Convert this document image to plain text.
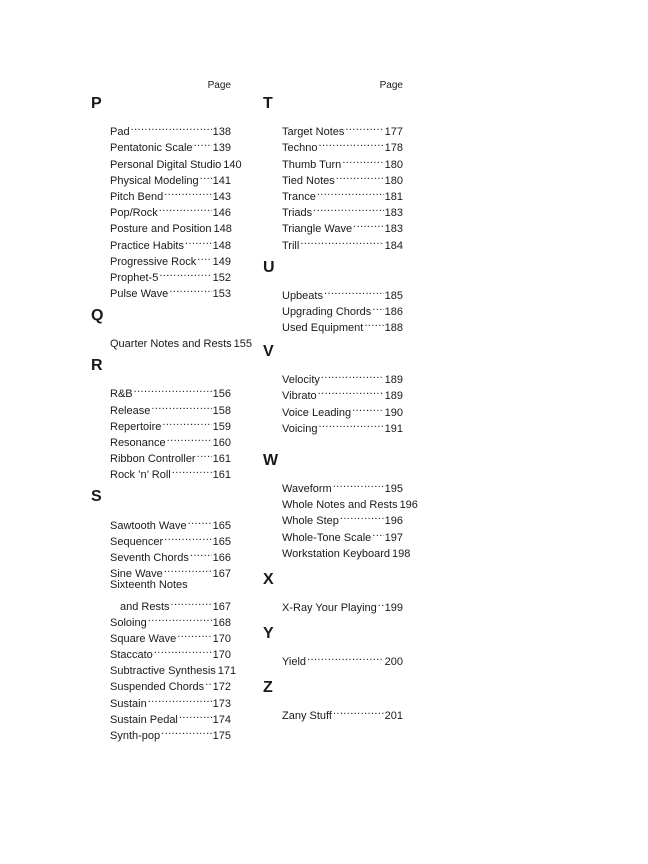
Page
P
Pad .....	138
Pentatonic Scale ..... 139
Personal Digital Studio 140
Physical Modeling ..... 141
Pitch Bend .....	143
Pop/Rock .....	146
Posture and Position 148
Practice Habits .....	148
Progressive Rock ..... 149
Prophet-5 .....	152
Pulse Wave .....	153
Q
Quarter Notes and Rests 155
R
R&B .....	156
Release .....	158
Repertoire .....	159
Resonance .....	160
Ribbon Controller ..... 161
Rock ’n’ Roll .....	161
S
Sawtooth Wave ..... 165
Sequencer .....	165
Seventh Chords ..... 166
Sine Wave .....	167
Sixteenth Notes
and Rests .....	167
Soloing .....	168
Square Wave .....	170
Staccato .....	170
Subtractive Synthesis 171
Suspended Chords ..... 172
Sustain .....	173
Sustain Pedal .....	174
Synth-pop .....	175
Page
T
Target Notes .....	177
Techno .....	178
Thumb Turn .....	180
Tied Notes .....	180
Trance .....	181
Triads .....	183
Triangle Wave .....	183
Trill .....	184
U
Upbeats .....	185
Upgrading Chords ..... 186
Used Equipment ..... 188
V
Velocity .....	189
Vibrato .....	189
Voice Leading .....	190
Voicing .....	191
W
Waveform .....	195
Whole Notes and Rests 196
Whole Step .....	196
Whole-Tone Scale ..... 197
Workstation Keyboard 198
X
X-Ray Your Playing ..... 199
Y
Yield .....	200
Z
Zany Stuff .....	201
